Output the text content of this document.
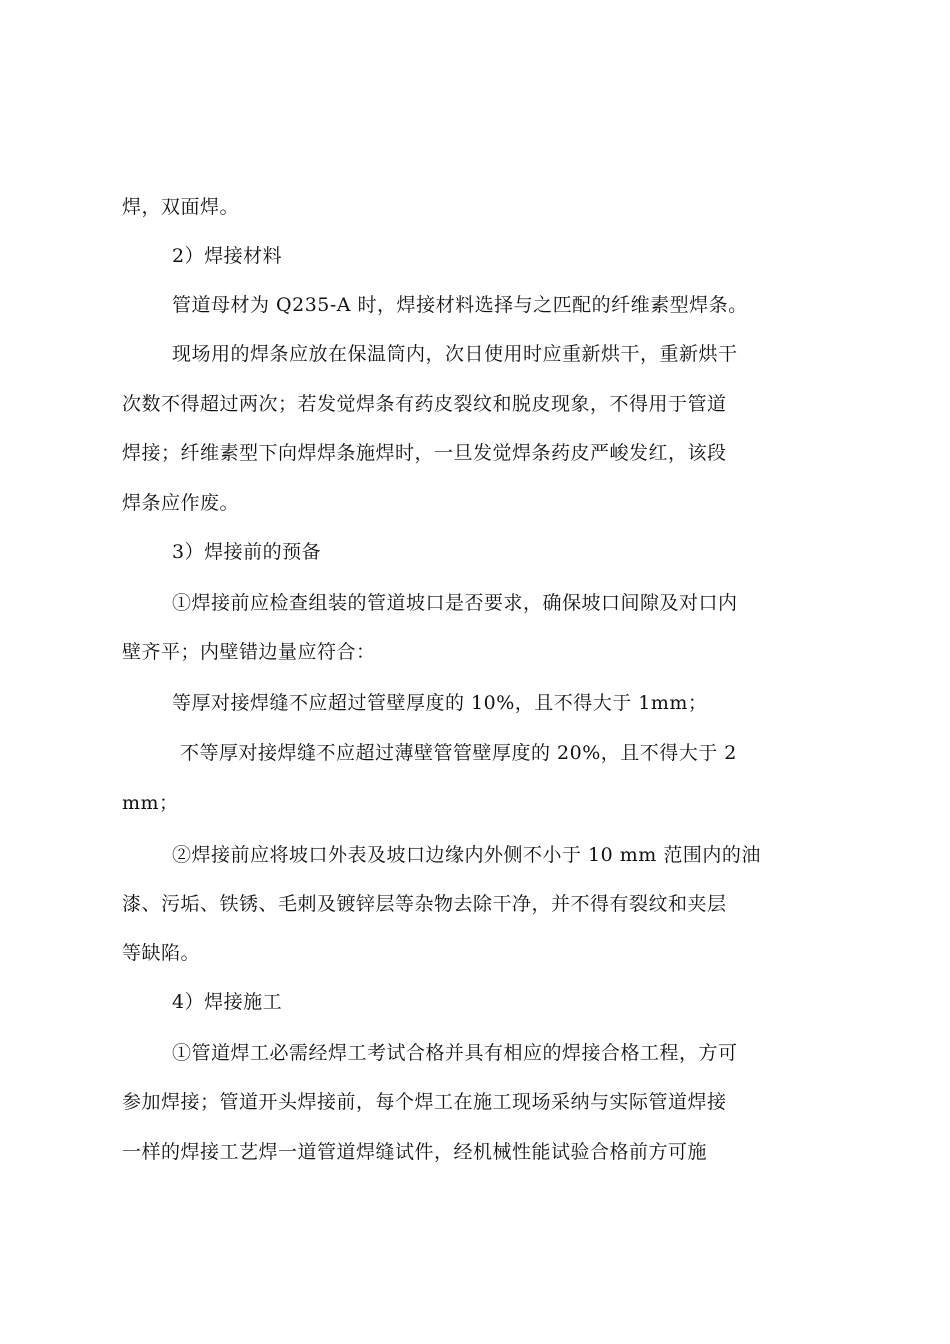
焊，双面焊。
2）焊接材料
管道母材为 Q235-A 时，焊接材料选择与之匹配的纤维素型焊条。
现场用的焊条应放在保温筒内，次日使用时应重新烘干，重新烘干
次数不得超过两次；若发觉焊条有药皮裂纹和脱皮现象，不得用于管道
焊接；纤维素型下向焊焊条施焊时，一旦发觉焊条药皮严峻发红，该段
焊条应作废。
3）焊接前的预备
①焊接前应检查组装的管道坡口是否要求，确保坡口间隙及对口内
壁齐平；内壁错边量应符合：
等厚对接焊缝不应超过管壁厚度的 10%，且不得大于 1mm；
不等厚对接焊缝不应超过薄壁管管壁厚度的 20%，且不得大于 2
mm；
②焊接前应将坡口外表及坡口边缘内外侧不小于 10 mm 范围内的油
漆、污垢、铁锈、毛刺及镀锌层等杂物去除干净，并不得有裂纹和夹层
等缺陷。
4）焊接施工
①管道焊工必需经焊工考试合格并具有相应的焊接合格工程，方可
参加焊接；管道开头焊接前，每个焊工在施工现场采纳与实际管道焊接
一样的焊接工艺焊一道管道焊缝试件，经机械性能试验合格前方可施
